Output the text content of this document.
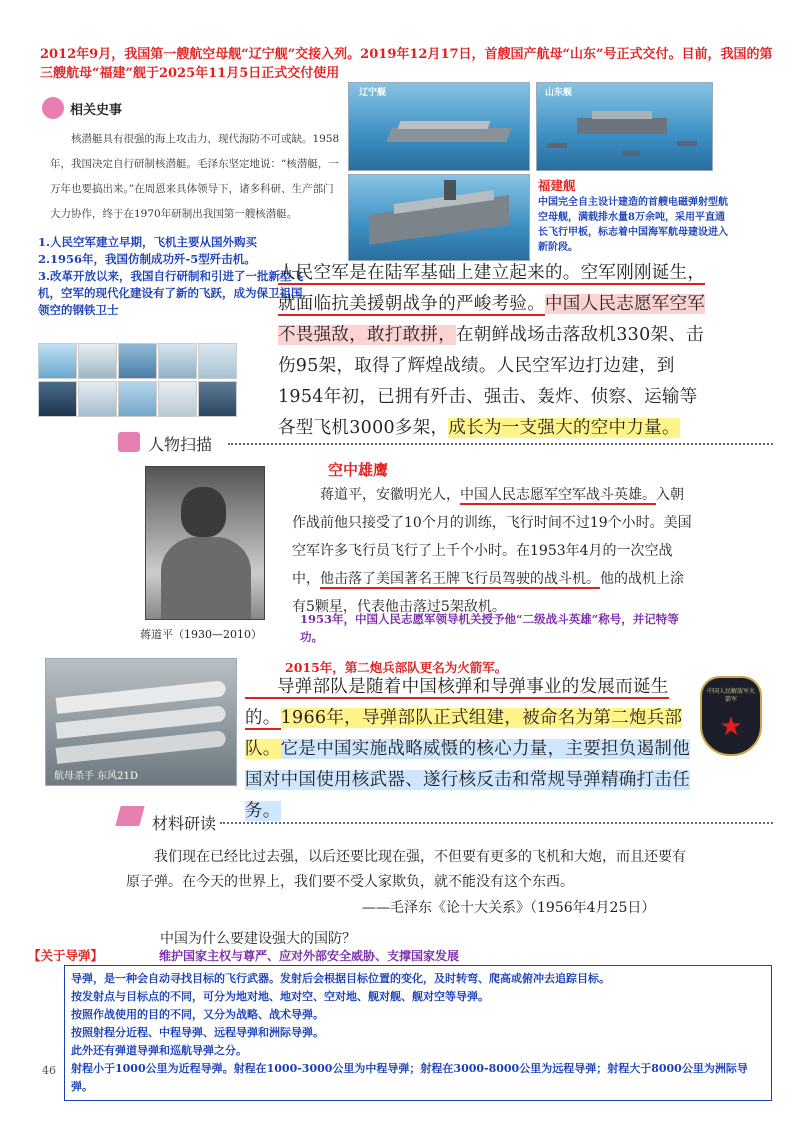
2012年9月，我国第一艘航空母舰“辽宁舰”交接入列。2019年12月17日，首艘国产航母“山东”号正式交付。目前，我国的第三艘航母“福建”舰于2025年11月5日正式交付使用
相关史事
核潜艇具有很强的海上攻击力，现代海防不可或缺。1958年，我国决定自行研制核潜艇。毛泽东坚定地说：“核潜艇，一万年也要搞出来。”在周恩来具体领导下，诸多科研、生产部门大力协作，终于在1970年研制出我国第一艘核潜艇。
辽宁舰	山东舰
福建舰
中国完全自主设计建造的首艘电磁弹射型航空母舰，满载排水量8万余吨，采用平直通长飞行甲板，标志着中国海军航母建设进入新阶段。
1.人民空军建立早期，飞机主要从国外购买
2.1956年，我国仿制成功歼-5型歼击机。
3.改革开放以来，我国自行研制和引进了一批新型飞机，空军的现代化建设有了新的飞跃，成为保卫祖国领空的钢铁卫士
人民空军是在陆军基础上建立起来的。空军刚刚诞生，就面临抗美援朝战争的严峻考验。中国人民志愿军空军不畏强敌，敢打敢拼，在朝鲜战场击落敌机330架、击伤95架，取得了辉煌战绩。人民空军边打边建，到1954年初，已拥有歼击、强击、轰炸、侦察、运输等各型飞机3000多架，成长为一支强大的空中力量。
人物扫描
蒋道平（1930—2010）
空中雄鹰
蒋道平，安徽明光人，中国人民志愿军空军战斗英雄。入朝作战前他只接受了10个月的训练，飞行时间不过19个小时。美国空军许多飞行员飞行了上千个小时。在1953年4月的一次空战中，他击落了美国著名王牌飞行员驾驶的战斗机。他的战机上涂有5颗星，代表他击落过5架敌机。
1953年，中国人民志愿军领导机关授予他“二级战斗英雄”称号，并记特等功。
航母杀手 东风21D
2015年，第二炮兵部队更名为火箭军。
导弹部队是随着中国核弹和导弹事业的发展而诞生的。1966年，导弹部队正式组建，被命名为第二炮兵部队。它是中国实施战略威慑的核心力量，主要担负遏制他国对中国使用核武器、遂行核反击和常规导弹精确打击任务。
中国人民解放军火箭军
★
材料研读
我们现在已经比过去强，以后还要比现在强，不但要有更多的飞机和大炮，而且还要有原子弹。在今天的世界上，我们要不受人家欺负，就不能没有这个东西。
——毛泽东《论十大关系》（1956年4月25日）
中国为什么要建设强大的国防？
维护国家主权与尊严、应对外部安全威胁、支撑国家发展
【关于导弹】
导弹，是一种会自动寻找目标的飞行武器。发射后会根据目标位置的变化，及时转弯、爬高或俯冲去追踪目标。
按发射点与目标点的不同，可分为地对地、地对空、空对地、舰对舰、舰对空等导弹。
按照作战使用的目的不同，又分为战略、战术导弹。
按照射程分近程、中程导弹、远程导弹和洲际导弹。
此外还有弹道导弹和巡航导弹之分。
射程小于1000公里为近程导弹。射程在1000-3000公里为中程导弹；射程在3000-8000公里为远程导弹；射程大于8000公里为洲际导弹。
46
